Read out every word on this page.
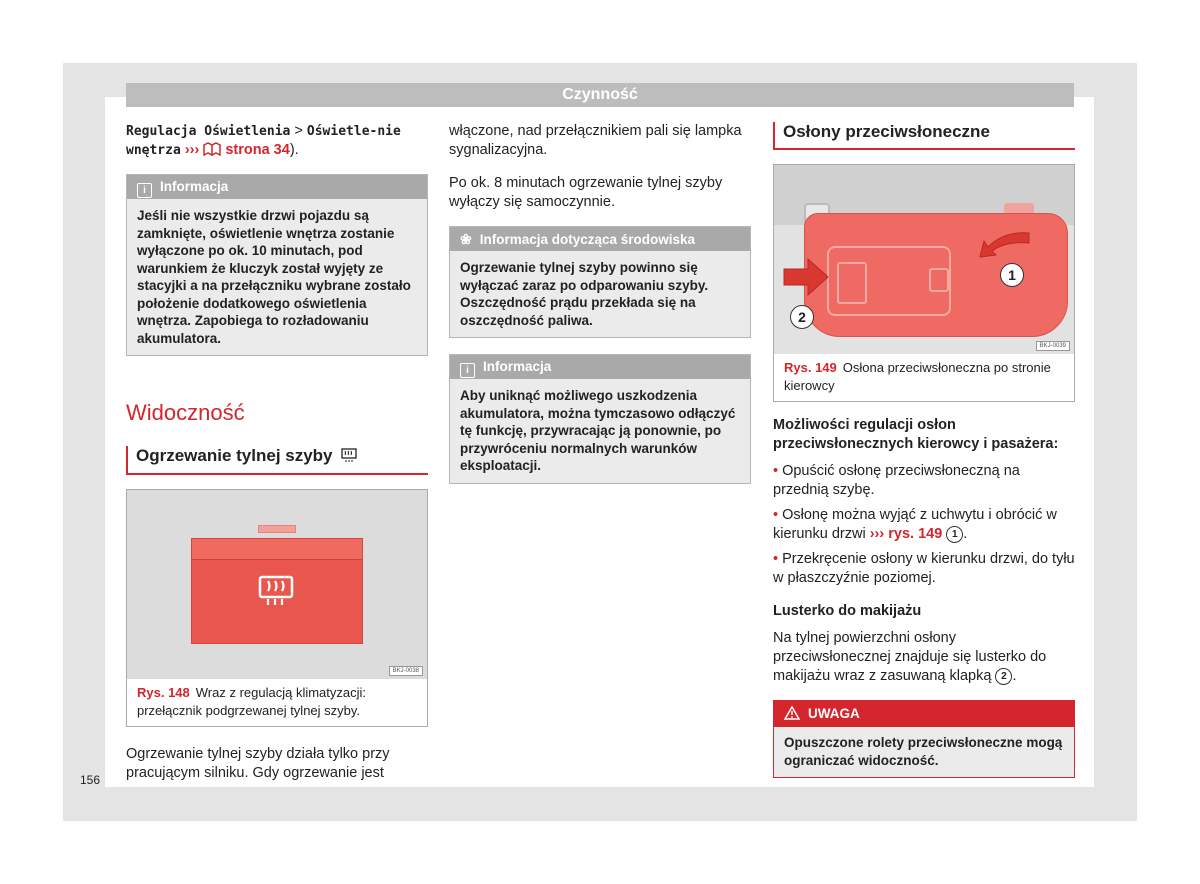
Czynność
156
Regulacja Oświetlenia > Oświetle-nie wnętrza ››› strona 34).
i Informacja
Jeśli nie wszystkie drzwi pojazdu są zamknięte, oświetlenie wnętrza zostanie wyłączone po ok. 10 minutach, pod warunkiem że kluczyk został wyjęty ze stacyjki a na przełączniku wybrane zostało położenie dodatkowego oświetlenia wnętrza. Zapobiega to rozładowaniu akumulatora.
Widoczność
Ogrzewanie tylnej szyby
BKJ-0038
Rys. 148 Wraz z regulacją klimatyzacji: przełącznik podgrzewanej tylnej szyby.
Ogrzewanie tylnej szyby działa tylko przy pracującym silniku. Gdy ogrzewanie jest
włączone, nad przełącznikiem pali się lampka sygnalizacyjna.
Po ok. 8 minutach ogrzewanie tylnej szyby wyłączy się samoczynnie.
❀ Informacja dotycząca środowiska
Ogrzewanie tylnej szyby powinno się wyłączać zaraz po odparowaniu szyby. Oszczędność prądu przekłada się na oszczędność paliwa.
i Informacja
Aby uniknąć możliwego uszkodzenia akumulatora, można tymczasowo odłączyć tę funkcję, przywracając ją ponownie, po przywróceniu normalnych warunków eksploatacji.
Osłony przeciwsłoneczne
1
2
BKJ-0039
Rys. 149 Osłona przeciwsłoneczna po stronie kierowcy
Możliwości regulacji osłon przeciwsłonecznych kierowcy i pasażera:
• Opuścić osłonę przeciwsłoneczną na przednią szybę.
• Osłonę można wyjąć z uchwytu i obrócić w kierunku drzwi ››› rys. 149 1 .
• Przekręcenie osłony w kierunku drzwi, do tyłu w płaszczyźnie poziomej.
Lusterko do makijażu
Na tylnej powierzchni osłony przeciwsłonecznej znajduje się lusterko do makijażu wraz z zasuwaną klapką 2 .
UWAGA
Opuszczone rolety przeciwsłoneczne mogą ograniczać widoczność.
